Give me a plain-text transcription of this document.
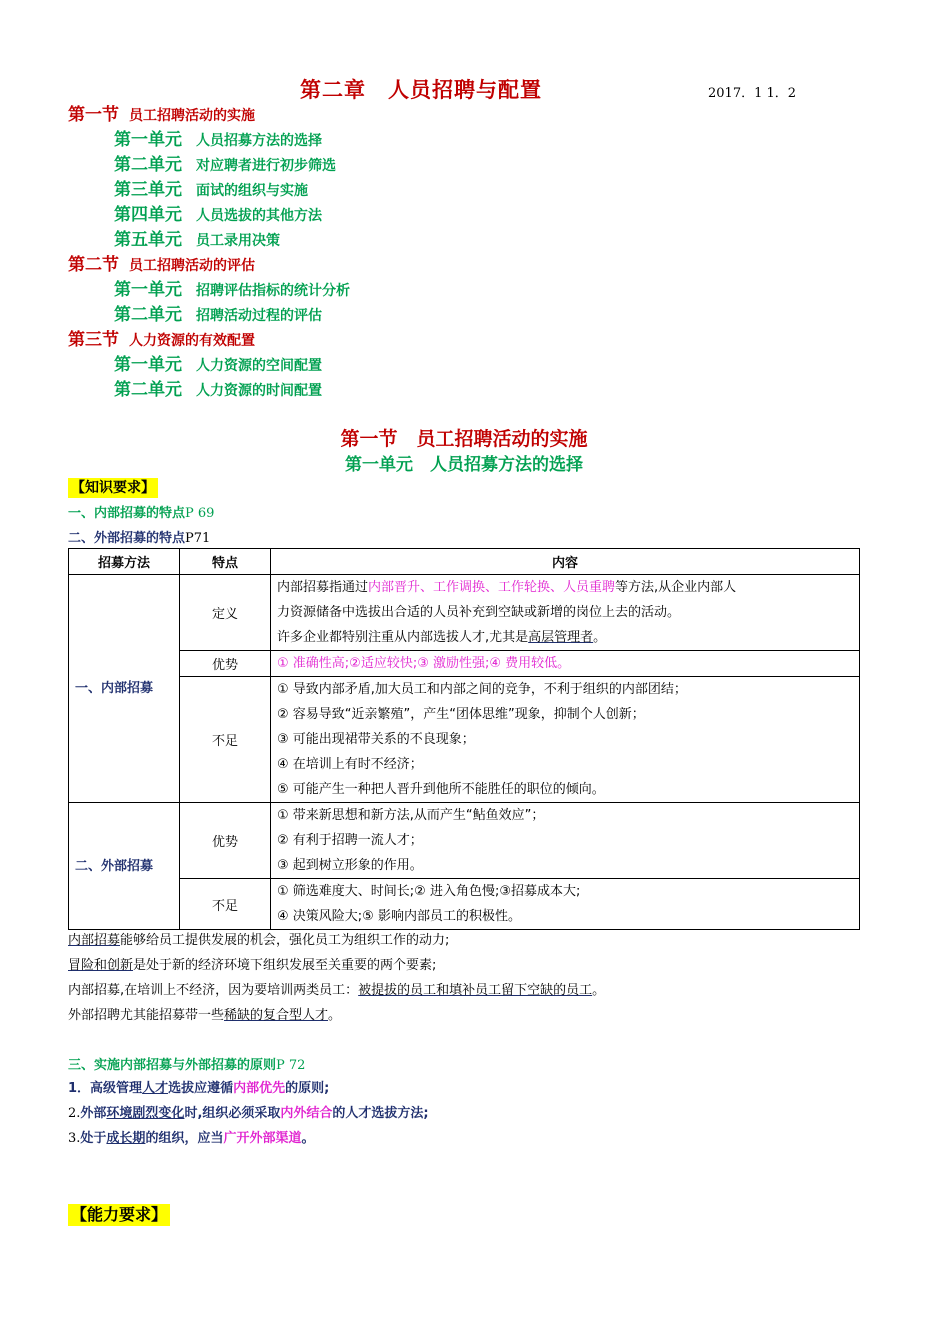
第二章　人员招聘与配置	2017．1 1．2
第一节 员工招聘活动的实施
第一单元 人员招募方法的选择
第二单元 对应聘者进行初步筛选
第三单元 面试的组织与实施
第四单元 人员选拔的其他方法
第五单元 员工录用决策
第二节 员工招聘活动的评估
第一单元 招聘评估指标的统计分析
第二单元 招聘活动过程的评估
第三节 人力资源的有效配置
第一单元 人力资源的空间配置
第二单元 人力资源的时间配置
第一节　员工招聘活动的实施
第一单元　人员招募方法的选择
【知识要求】
一、内部招募的特点P 69
二、外部招募的特点P71
招募方法	特点	内容
一、内部招募	定义	内部招募指通过内部晋升、工作调换、工作轮换、人员重聘等方法,从企业内部人
力资源储备中选拔出合适的人员补充到空缺或新增的岗位上去的活动。
许多企业都特别注重从内部选拔人才,尤其是高层管理者。

	优势	① 准确性高;②适应较快;③ 激励性强;④ 费用较低。
	不足	① 导致内部矛盾,加大员工和内部之间的竞争，不利于组织的内部团结；
② 容易导致“近亲繁殖”，产生“团体思维”现象，抑制个人创新；
③ 可能出现裙带关系的不良现象；
④ 在培训上有时不经济；
⑤ 可能产生一种把人晋升到他所不能胜任的职位的倾向。

二、外部招募	优势	① 带来新思想和新方法,从而产生“鲇鱼效应”；
② 有利于招聘一流人才；
③ 起到树立形象的作用。

	不足	① 筛选难度大、时间长;② 进入角色慢;③招募成本大;
④ 决策风险大;⑤ 影响内部员工的积极性。
内部招募能够给员工提供发展的机会，强化员工为组织工作的动力;
冒险和创新是处于新的经济环境下组织发展至关重要的两个要素;
内部招募,在培训上不经济，因为要培训两类员工：被提拔的员工和填补员工留下空缺的员工。
外部招聘尤其能招募带一些稀缺的复合型人才。
三、实施内部招募与外部招募的原则P 72
1．高级管理人才选拔应遵循内部优先的原则;
2.外部环境剧烈变化时,组织必须采取内外结合的人才选拔方法;
3.处于成长期的组织，应当广开外部渠道。
【能力要求】
